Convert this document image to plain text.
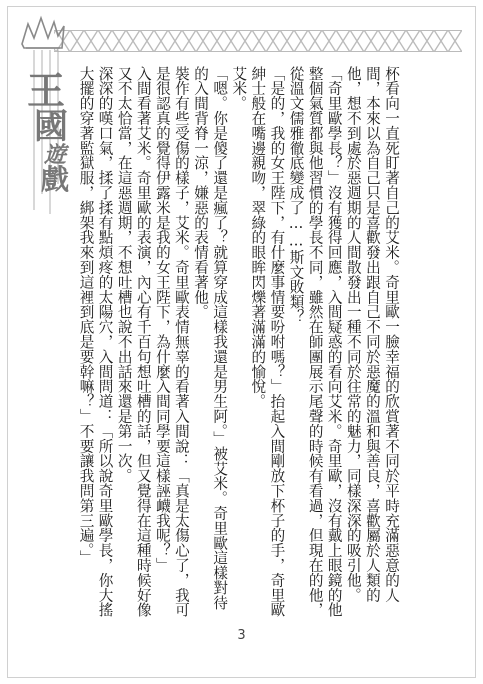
王
國
遊
戲	杯看向一直死盯著自己的艾米。奇里歐一臉幸福的欣賞著不同於平時充滿惡意的人間，本來以為自己只是喜歡發出跟自己不同於惡魔的溫和與善良，喜歡屬於人類的他，想不到處於惡週期的人間散發出一種不同於往常的魅力，同樣深深的吸引他。

「奇里歐學長？」沒有獲得回應，入間疑惑的看向艾米。奇里歐，沒有戴上眼鏡的他整個氣質都與他習慣的學長不同，雖然在師團展示尾聲的時候有看過，但現在的他，從溫文儒雅徹底變成了……斯文敗類？

「是的，我的女王陛下，有什麼事情要吩咐嗎？」抬起入間剛放下杯子的手，奇里歐紳士般在嘴邊親吻，翠綠的眼眸閃爍著滿滿的愉悅。

艾米。

「嗯。你是傻了還是瘋了？就算穿成這樣我還是男生阿。」被艾米。奇里歐這樣對待的入間背脊一涼，嫌惡的表情看著他。

裝作有些受傷的樣子，艾米。奇里歐表情無辜的看著入間說：「真是太傷心了，我可是很認真的覺得伊露米是我的女王陛下，為什麼入間同學要這樣誣衊我呢？」

入間看著艾米。奇里歐的表演，內心有千百句想吐槽的話，但又覺得在這種時候好像又不太恰當，在這惡週期，不想吐槽也說不出話來還是第一次。

深深的嘆口氣，揉了揉有點煩疼的太陽穴，入間問道：「所以說奇里歐學長，你大搖大擺的穿著監獄服，綁架我來到這裡到底是要幹嘛？」不要讓我問第三遍。」

3
